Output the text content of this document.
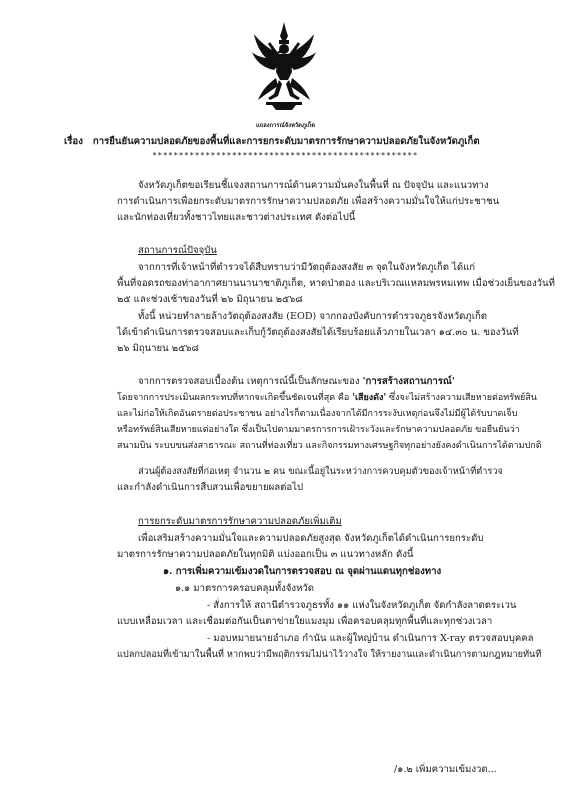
แถลงการณ์จังหวัดภูเก็ต
เรื่อง การยืนยันความปลอดภัยของพื้นที่และการยกระดับมาตรการรักษาความปลอดภัยในจังหวัดภูเก็ต
**************************************************
จังหวัดภูเก็ตขอเรียนชี้แจงสถานการณ์ด้านความมั่นคงในพื้นที่ ณ ปัจจุบัน และแนวทาง
การดำเนินการเพื่อยกระดับมาตรการรักษาความปลอดภัย เพื่อสร้างความมั่นใจให้แก่ประชาชน
และนักท่องเที่ยวทั้งชาวไทยและชาวต่างประเทศ ดังต่อไปนี้
สถานการณ์ปัจจุบัน
จากการที่เจ้าหน้าที่ตำรวจได้สืบทราบว่ามีวัตถุต้องสงสัย ๓ จุดในจังหวัดภูเก็ต ได้แก่
พื้นที่จอดรถของท่าอากาศยานนานาชาติภูเก็ต, หาดป่าตอง และบริเวณแหลมพรหมเทพ เมื่อช่วงเย็นของวันที่
๒๕ และช่วงเช้าของวันที่ ๒๖ มิถุนายน ๒๕๖๘
ทั้งนี้ หน่วยทำลายล้างวัตถุต้องสงสัย (EOD) จากกองบังคับการตำรวจภูธรจังหวัดภูเก็ต
ได้เข้าดำเนินการตรวจสอบและเก็บกู้วัตถุต้องสงสัยได้เรียบร้อยแล้วภายในเวลา ๑๔.๓๐ น. ของวันที่
๒๖ มิถุนายน ๒๕๖๘
จากการตรวจสอบเบื้องต้น เหตุการณ์นี้เป็นลักษณะของ 'การสร้างสถานการณ์'
โดยจากการประเมินผลกระทบที่หากจะเกิดขึ้นชัดเจนที่สุด คือ 'เสียงดัง' ซึ่งจะไม่สร้างความเสียหายต่อทรัพย์สิน
และไม่ก่อให้เกิดอันตรายต่อประชาชน อย่างไรก็ตามเนื่องจากได้มีการระงับเหตุก่อนจึงไม่มีผู้ได้รับบาดเจ็บ
หรือทรัพย์สินเสียหายแต่อย่างใด ซึ่งเป็นไปตามมาตรการการเฝ้าระวังและรักษาความปลอดภัย ขอยืนยันว่า
สนามบิน ระบบขนส่งสาธารณะ สถานที่ท่องเที่ยว และกิจกรรมทางเศรษฐกิจทุกอย่างยังคงดำเนินการได้ตามปกติ
ส่วนผู้ต้องสงสัยที่ก่อเหตุ จำนวน ๒ คน ขณะนี้อยู่ในระหว่างการควบคุมตัวของเจ้าหน้าที่ตำรวจ
และกำลังดำเนินการสืบสวนเพื่อขยายผลต่อไป
การยกระดับมาตรการรักษาความปลอดภัยเพิ่มเติม
เพื่อเสริมสร้างความมั่นใจและความปลอดภัยสูงสุด จังหวัดภูเก็ตได้ดำเนินการยกระดับ
มาตรการรักษาความปลอดภัยในทุกมิติ แบ่งออกเป็น ๓ แนวทางหลัก ดังนี้
๑. การเพิ่มความเข้มงวดในการตรวจสอบ ณ จุดผ่านแดนทุกช่องทาง
๑.๑ มาตรการครอบคลุมทั้งจังหวัด
- สั่งการให้ สถานีตำรวจภูธรทั้ง ๑๑ แห่งในจังหวัดภูเก็ต จัดกำลังลาดตระเวน
แบบเหลื่อมเวลา และเชื่อมต่อกันเป็นตาข่ายใยแมงมุม เพื่อครอบคลุมทุกพื้นที่และทุกช่วงเวลา
- มอบหมายนายอำเภอ กำนัน และผู้ใหญ่บ้าน ดำเนินการ X-ray ตรวจสอบบุคคล
แปลกปลอมที่เข้ามาในพื้นที่ หากพบว่ามีพฤติกรรมไม่น่าไว้วางใจ ให้รายงานและดำเนินการตามกฎหมายทันที
/๑.๒ เพิ่มความเข้มงวด...
